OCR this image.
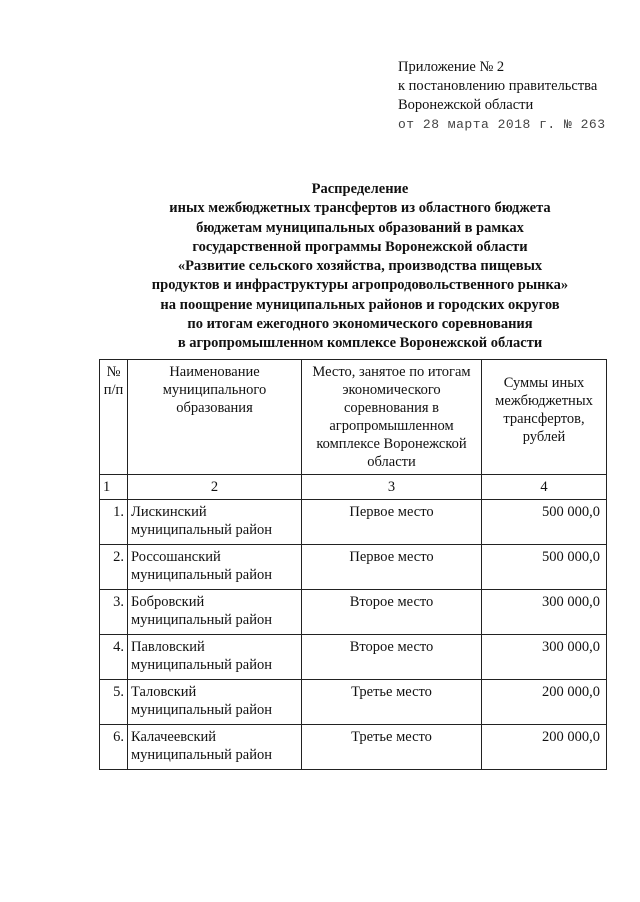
Приложение № 2
к постановлению правительства
Воронежской области
от 28 марта 2018 г. № 263
Распределение
иных межбюджетных трансфертов из областного бюджета
бюджетам муниципальных образований в рамках
государственной программы Воронежской области
«Развитие сельского хозяйства, производства пищевых
продуктов и инфраструктуры агропродовольственного рынка»
на поощрение муниципальных районов и городских округов
по итогам ежегодного экономического соревнования
в агропромышленном комплексе Воронежской области
№ п/п	Наименование муниципального образования	Место, занятое по итогам экономического соревнования в агропромышленном комплексе Воронежской области	Суммы иных межбюджетных трансфертов, рублей
1	2	3	4
1.	Лискинский муниципальный район	Первое место	500 000,0
2.	Россошанский муниципальный район	Первое место	500 000,0
3.	Бобровский муниципальный район	Второе место	300 000,0
4.	Павловский муниципальный район	Второе место	300 000,0
5.	Таловский муниципальный район	Третье место	200 000,0
6.	Калачеевский муниципальный район	Третье место	200 000,0
